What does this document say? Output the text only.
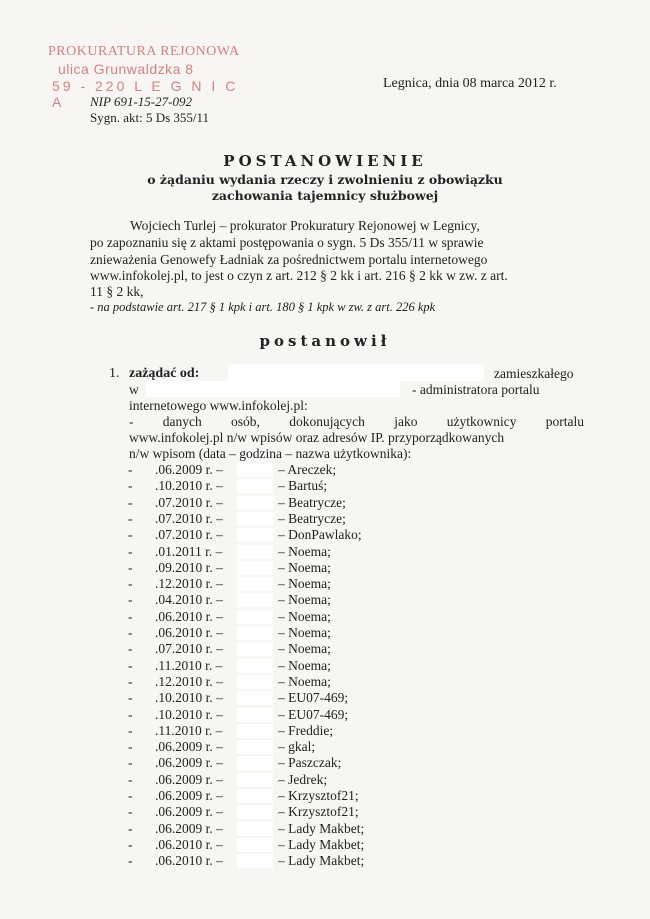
PROKURATURA REJONOWA
ulica Grunwaldzka 8
59 - 220 L E G N I C A
Legnica, dnia 08 marca 2012 r.
NIP 691-15-27-092
Sygn. akt: 5 Ds 355/11
POSTANOWIENIE
o żądaniu wydania rzeczy i zwolnieniu z obowiązku
zachowania tajemnicy służbowej
Wojciech Turlej – prokurator Prokuratury Rejonowej w Legnicy,
po zapoznaniu się z aktami postępowania o sygn. 5 Ds 355/11 w sprawie
znieważenia Genowefy Ładniak za pośrednictwem portalu internetowego
www.infokolej.pl, to jest o czyn z art. 212 § 2 kk i art. 216 § 2 kk w zw. z art.
11 § 2 kk,
- na podstawie art. 217 § 1 kpk i art. 180 § 1 kpk w zw. z art. 226 kpk
postanowił
1. zażądać od:	zamieszkałego
w	- administratora portalu
internetowego www.infokolej.pl:
- danych osób, dokonujących jako użytkownicy portalu
www.infokolej.pl n/w wpisów oraz adresów IP. przyporządkowanych
n/w wpisom (data – godzina – nazwa użytkownika):
- .06.2009 r. –	– Areczek;
- .10.2010 r. –	– Bartuś;
- .07.2010 r. –	– Beatrycze;
- .07.2010 r. –	– Beatrycze;
- .07.2010 r. –	– DonPawlako;
- .01.2011 r. –	– Noema;
- .09.2010 r. –	– Noema;
- .12.2010 r. –	– Noema;
- .04.2010 r. –	– Noema;
- .06.2010 r. –	– Noema;
- .06.2010 r. –	– Noema;
- .07.2010 r. –	– Noema;
- .11.2010 r. –	– Noema;
- .12.2010 r. –	– Noema;
- .10.2010 r. –	– EU07-469;
- .10.2010 r. –	– EU07-469;
- .11.2010 r. –	– Freddie;
- .06.2009 r. –	– gkal;
- .06.2009 r. –	– Paszczak;
- .06.2009 r. –	– Jedrek;
- .06.2009 r. –	– Krzysztof21;
- .06.2009 r. –	– Krzysztof21;
- .06.2009 r. –	– Lady Makbet;
- .06.2010 r. –	– Lady Makbet;
- .06.2010 r. –	– Lady Makbet;
